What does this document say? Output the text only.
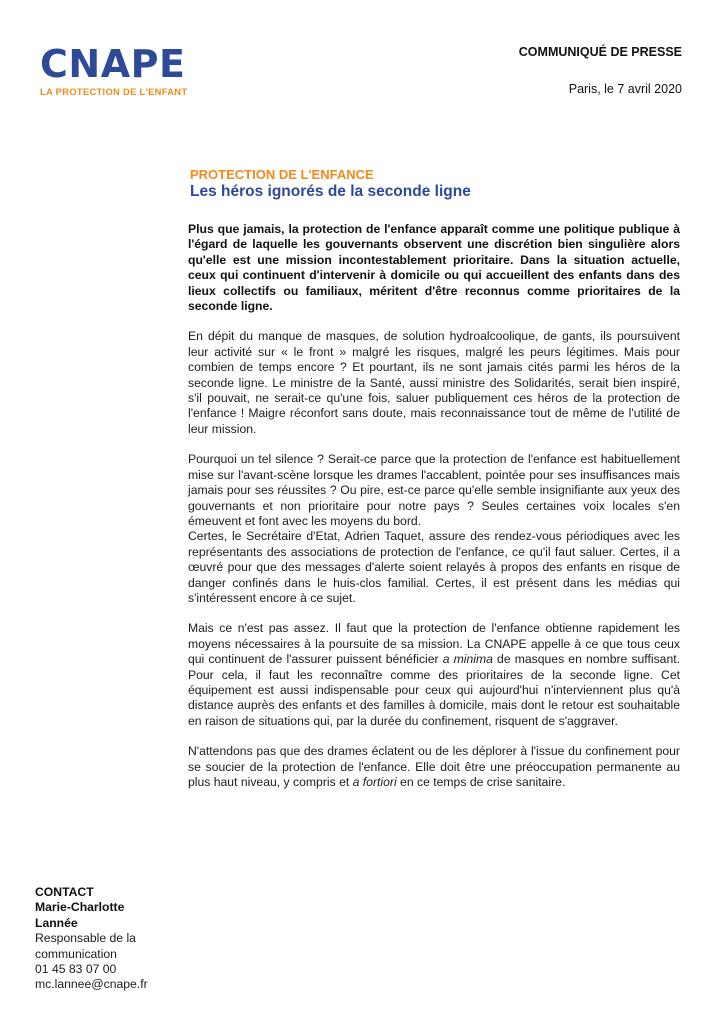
CNAPE
LA PROTECTION DE L'ENFANT
COMMUNIQUÉ DE PRESSE
Paris, le 7 avril 2020
PROTECTION DE L'ENFANCE
Les héros ignorés de la seconde ligne

Plus que jamais, la protection de l'enfance apparaît comme une politique publique à l'égard de laquelle les gouvernants observent une discrétion bien singulière alors qu'elle est une mission incontestablement prioritaire. Dans la situation actuelle, ceux qui continuent d'intervenir à domicile ou qui accueillent des enfants dans des lieux collectifs ou familiaux, méritent d'être reconnus comme prioritaires de la seconde ligne.

En dépit du manque de masques, de solution hydroalcoolique, de gants, ils poursuivent leur activité sur « le front » malgré les risques, malgré les peurs légitimes. Mais pour combien de temps encore ? Et pourtant, ils ne sont jamais cités parmi les héros de la seconde ligne. Le ministre de la Santé, aussi ministre des Solidarités, serait bien inspiré, s'il pouvait, ne serait-ce qu'une fois, saluer publiquement ces héros de la protection de l'enfance ! Maigre réconfort sans doute, mais reconnaissance tout de même de l'utilité de leur mission.

Pourquoi un tel silence ? Serait-ce parce que la protection de l'enfance est habituellement mise sur l'avant-scène lorsque les drames l'accablent, pointée pour ses insuffisances mais jamais pour ses réussites ? Ou pire, est-ce parce qu'elle semble insignifiante aux yeux des gouvernants et non prioritaire pour notre pays ? Seules certaines voix locales s'en émeuvent et font avec les moyens du bord.

Certes, le Secrétaire d'Etat, Adrien Taquet, assure des rendez-vous périodiques avec les représentants des associations de protection de l'enfance, ce qu'il faut saluer. Certes, il a œuvré pour que des messages d'alerte soient relayés à propos des enfants en risque de danger confinés dans le huis-clos familial. Certes, il est présent dans les médias qui s'intéressent encore à ce sujet.

Mais ce n'est pas assez. Il faut que la protection de l'enfance obtienne rapidement les moyens nécessaires à la poursuite de sa mission. La CNAPE appelle à ce que tous ceux qui continuent de l'assurer puissent bénéficier a minima de masques en nombre suffisant. Pour cela, il faut les reconnaître comme des prioritaires de la seconde ligne. Cet équipement est aussi indispensable pour ceux qui aujourd'hui n'interviennent plus qu'à distance auprès des enfants et des familles à domicile, mais dont le retour est souhaitable en raison de situations qui, par la durée du confinement, risquent de s'aggraver.

N'attendons pas que des drames éclatent ou de les déplorer à l'issue du confinement pour se soucier de la protection de l'enfance. Elle doit être une préoccupation permanente au plus haut niveau, y compris et a fortiori en ce temps de crise sanitaire.

CONTACT
Marie-Charlotte
Lannée
Responsable de la
communication
01 45 83 07 00
mc.lannee@cnape.fr
